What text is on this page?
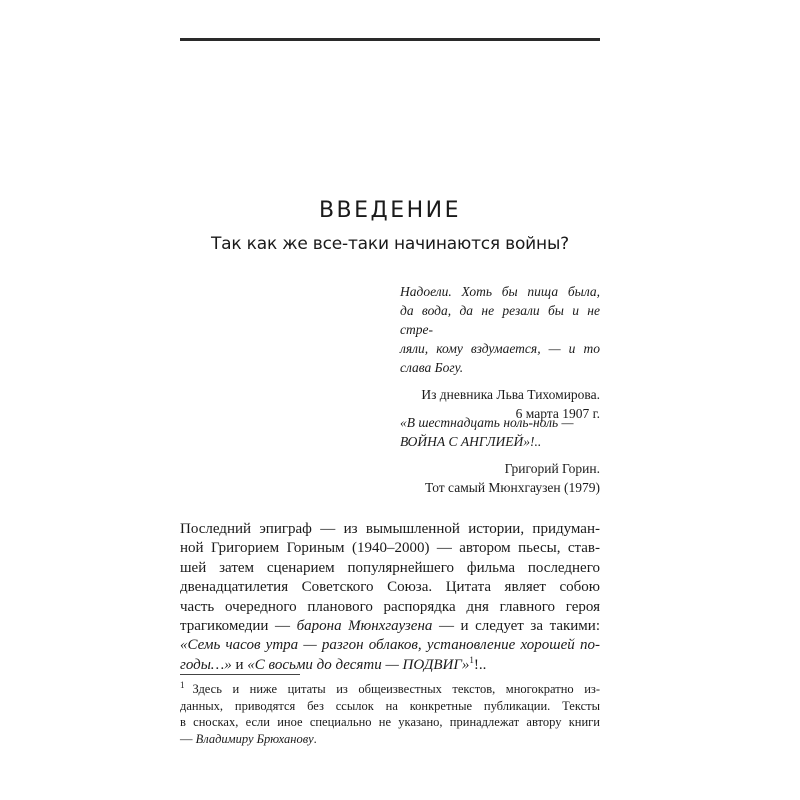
ВВЕДЕНИЕ
Так как же все-таки начинаются войны?
Надоели. Хоть бы пища была,
да вода, да не резали бы и не стре-
ляли, кому вздумается, — и то
слава Богу.
Из дневника Льва Тихомирова.
6 марта 1907 г.
«В шестнадцать ноль-ноль —
ВОЙНА С АНГЛИЕЙ»!..
Григорий Горин.
Тот самый Мюнхгаузен (1979)
Последний эпиграф — из вымышленной истории, придуман-
ной Григорием Гориным (1940–2000) — автором пьесы, став-
шей затем сценарием популярнейшего фильма последнего
двенадцатилетия Советского Союза. Цитата являет собою
часть очередного планового распорядка дня главного героя
трагикомедии — барона Мюнхгаузена — и следует за такими:
«Семь часов утра — разгон облаков, установление хорошей по-
годы…» и «С восьми до десяти — ПОДВИГ»$^1$!..
$^1$ Здесь и ниже цитаты из общеизвестных текстов, многократно из-
данных, приводятся без ссылок на конкретные публикации. Тексты
в сносках, если иное специально не указано, принадлежат автору книги
— Владимиру Брюханову.
